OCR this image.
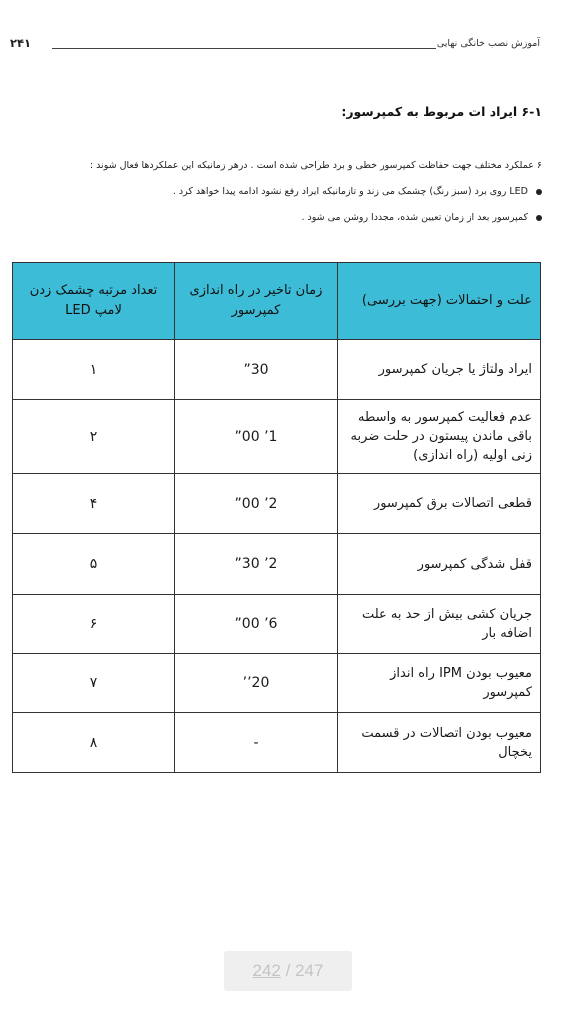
آموزش نصب خانگی نهایی
۲۴۱
۶-۱ ایراد ات مربوط به کمپرسور:
۶ عملکرد مختلف جهت حفاظت کمپرسور خطی و برد طراحی شده است . درهر زمانیکه این عملکردها فعال شوند :
LED روی برد (سبز رنگ) چشمک می زند و تازمانیکه ایراد رفع نشود ادامه پیدا خواهد کرد .
کمپرسور بعد از زمان تعیین شده، مجددا روشن می شود .
علت و احتمالات (جهت بررسی)	زمان تاخیر در راه اندازی کمپرسور	تعداد مرتبه چشمک زدن لامپ LED
ایراد ولتاژ یا جریان کمپرسور	30”	۱
عدم فعالیت کمپرسور به واسطه باقی ماندن پیستون در حلت ضربه زنی اولیه (راه اندازی)	1’ 00”	۲
قطعی اتصالات برق کمپرسور	2’ 00”	۴
قفل شدگی کمپرسور	2’ 30”	۵
جریان کشی بیش از حد به علت اضافه بار	6’ 00”	۶
معیوب بودن IPM راه انداز کمپرسور	20’’	۷
معیوب بودن اتصالات در قسمت یخچال	-	۸
242 / 247
